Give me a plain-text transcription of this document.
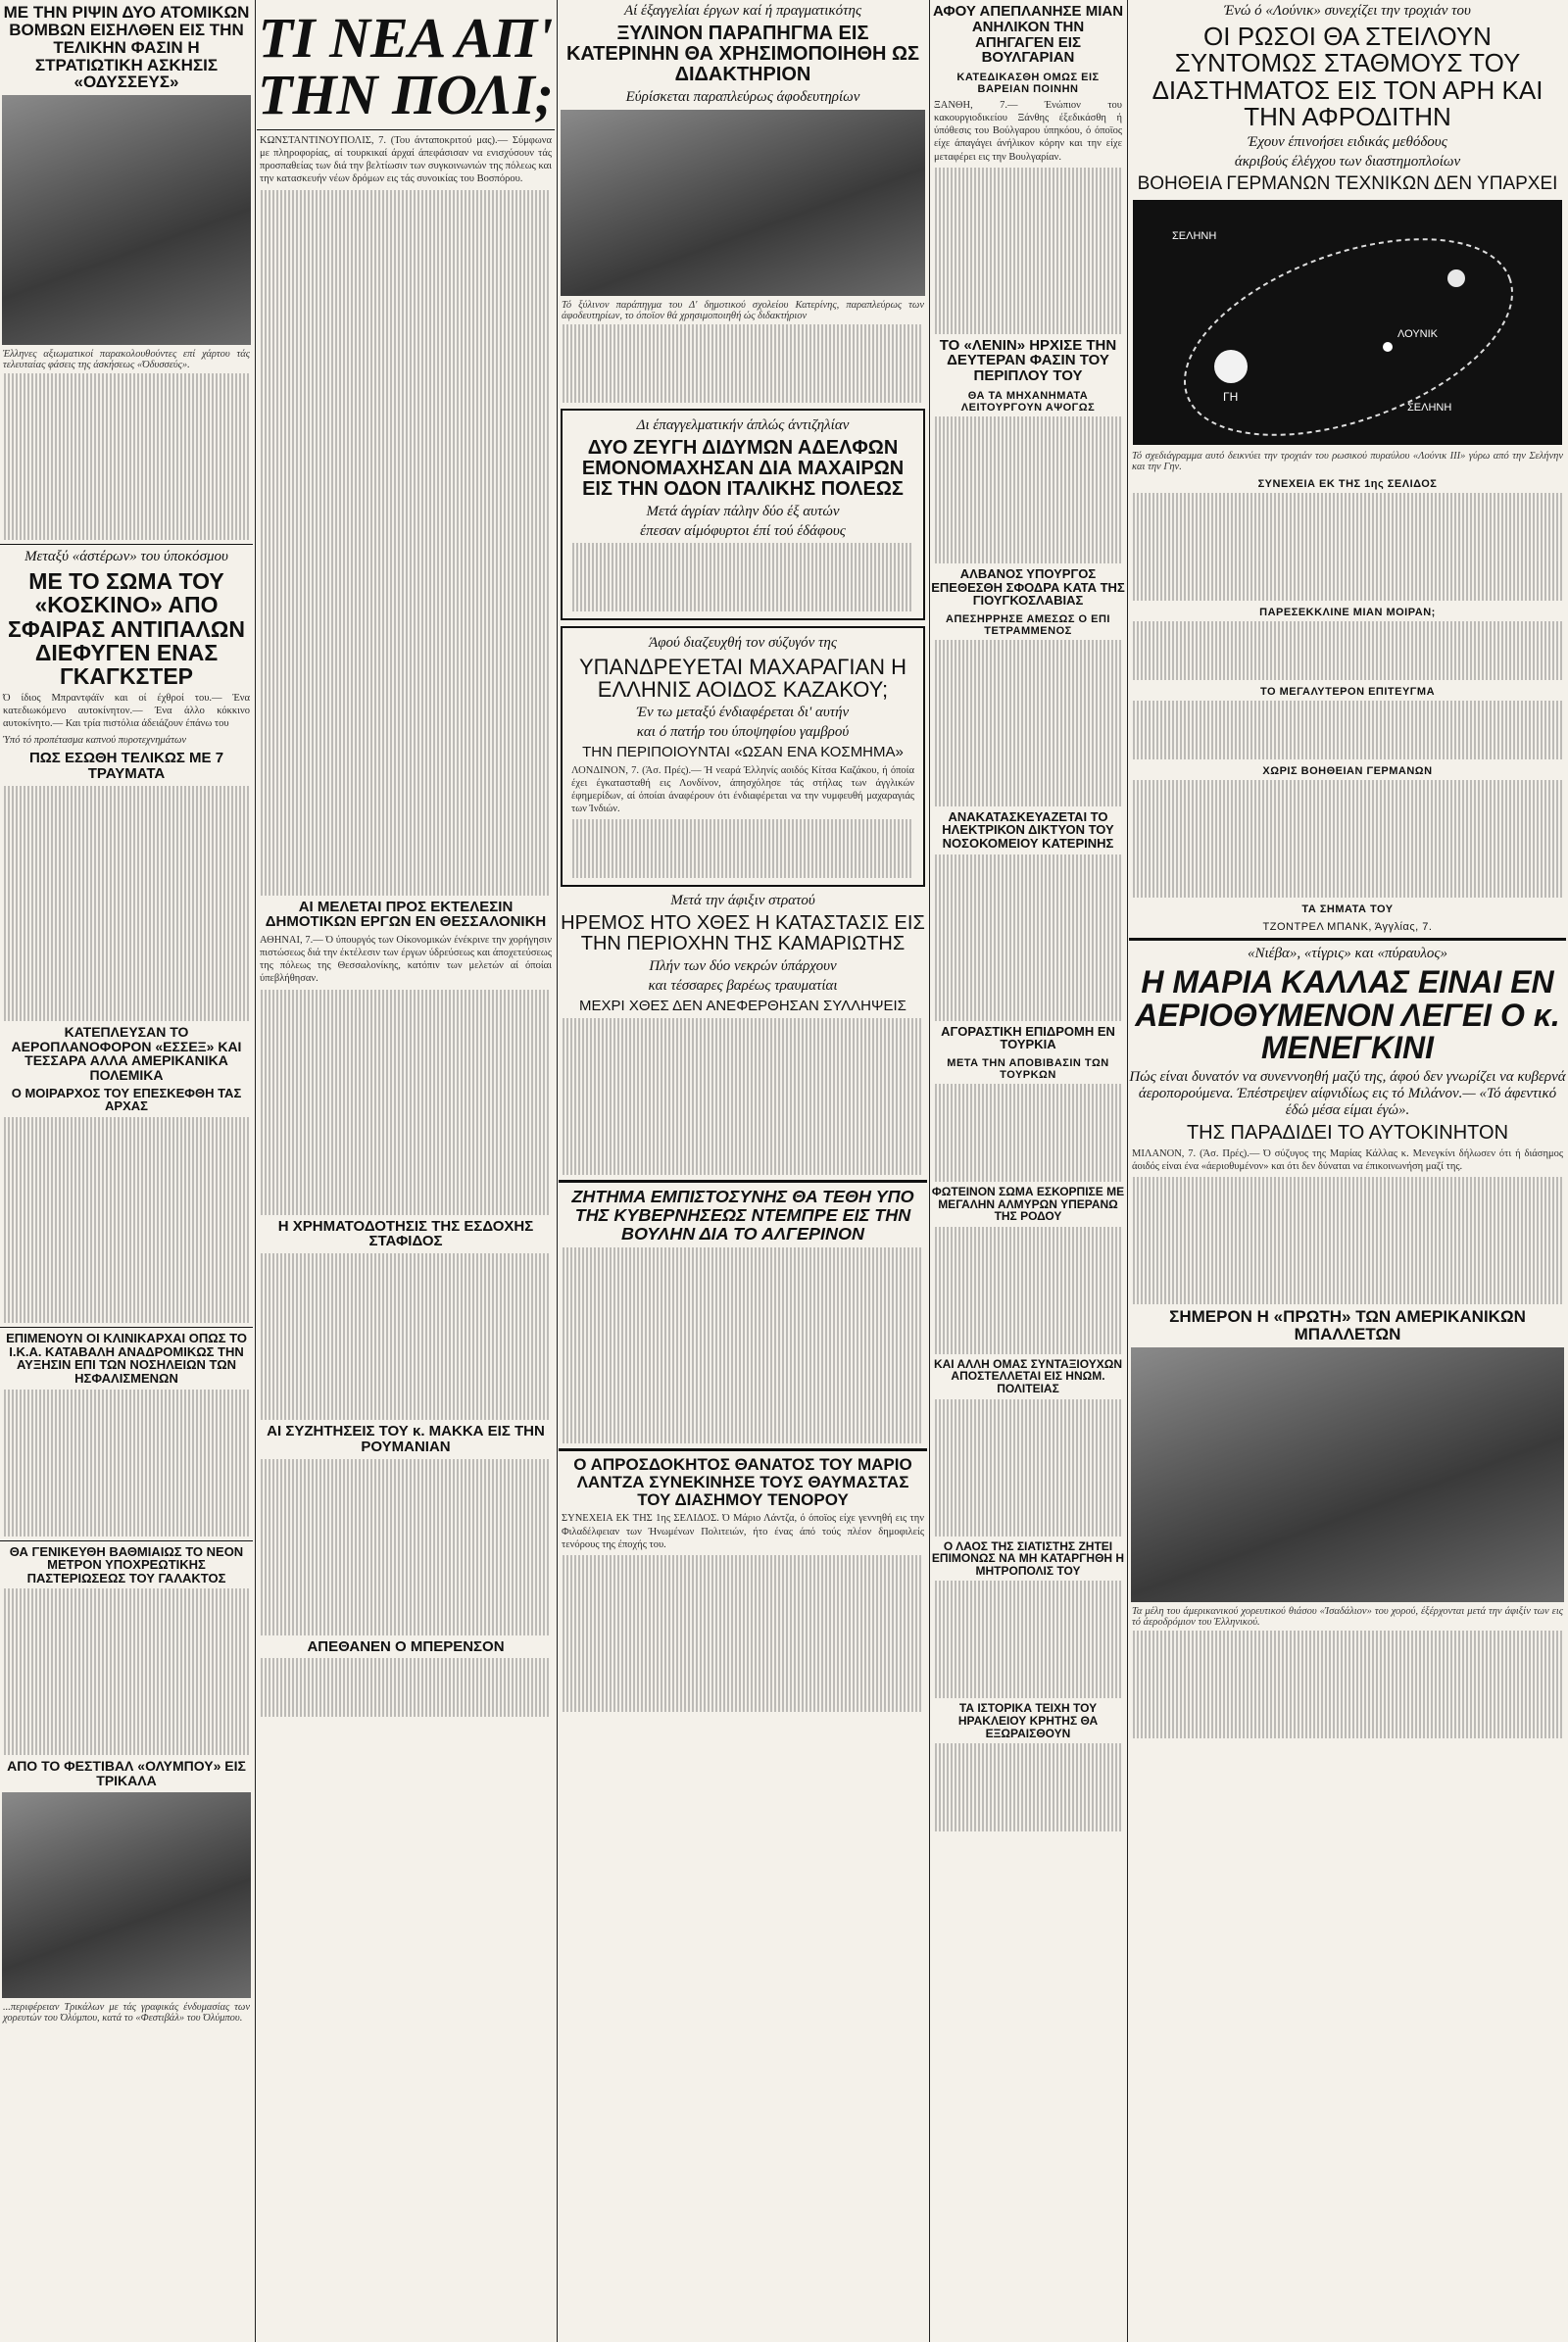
ΜΕ ΤΗΝ ΡΙΨΙΝ ΔΥΟ ΑΤΟΜΙΚΩΝ ΒΟΜΒΩΝ ΕΙΣΗΛΘΕΝ ΕΙΣ ΤΗΝ ΤΕΛΙΚΗΝ ΦΑΣΙΝ Η ΣΤΡΑΤΙΩΤΙΚΗ ΑΣΚΗΣΙΣ «ΟΔΥΣΣΕΥΣ»
Έλληνες αξιωματικοί παρακολουθούντες επί χάρτου τάς τελευταίας φάσεις της άσκήσεως «Όδυσσεύς».
Μεταξύ «άστέρων» του ύποκόσμου
ΜΕ ΤΟ ΣΩΜΑ ΤΟΥ «ΚΟΣΚΙΝΟ» ΑΠΟ ΣΦΑΙΡΑΣ ΑΝΤΙΠΑΛΩΝ ΔΙΕΦΥΓΕΝ ΕΝΑΣ ΓΚΑΓΚΣΤΕΡ
Ό ίδιος Μπραντφάϊν και οί έχθροί του.— Ένα κατεδιωκόμενο αυτοκίνητον.— Ένα άλλο κόκκινο αυτοκίνητο.— Και τρία πιστόλια άδειάζουν έπάνω του
Ύπό τό προπέτασμα καπνού πυροτεχνημάτων
ΠΩΣ ΕΣΩΘΗ ΤΕΛΙΚΩΣ ΜΕ 7 ΤΡΑΥΜΑΤΑ
ΚΑΤΕΠΛΕΥΣΑΝ ΤΟ ΑΕΡΟΠΛΑΝΟΦΟΡΟΝ «ΕΣΣΕΞ» ΚΑΙ ΤΕΣΣΑΡΑ ΑΛΛΑ ΑΜΕΡΙΚΑΝΙΚΑ ΠΟΛΕΜΙΚΑ
Ο ΜΟΙΡΑΡΧΟΣ ΤΟΥ ΕΠΕΣΚΕΦΘΗ ΤΑΣ ΑΡΧΑΣ
ΕΠΙΜΕΝΟΥΝ ΟΙ ΚΛΙΝΙΚΑΡΧΑΙ ΟΠΩΣ ΤΟ Ι.Κ.Α. ΚΑΤΑΒΑΛΗ ΑΝΑΔΡΟΜΙΚΩΣ ΤΗΝ ΑΥΞΗΣΙΝ ΕΠΙ ΤΩΝ ΝΟΣΗΛΕΙΩΝ ΤΩΝ ΗΣΦΑΛΙΣΜΕΝΩΝ
ΘΑ ΓΕΝΙΚΕΥΘΗ ΒΑΘΜΙΑΙΩΣ ΤΟ ΝΕΟΝ ΜΕΤΡΟΝ ΥΠΟΧΡΕΩΤΙΚΗΣ ΠΑΣΤΕΡΙΩΣΕΩΣ ΤΟΥ ΓΑΛΑΚΤΟΣ
ΑΠΟ ΤΟ ΦΕΣΤΙΒΑΛ «ΟΛΥΜΠΟΥ» ΕΙΣ ΤΡΙΚΑΛΑ
...περιφέρειαν Τρικάλων με τάς γραφικάς ένδυμασίας των χορευτών του Όλύμπου, κατά το «Φεστιβάλ» του Όλύμπου.
ΤΙ ΝΕΑ ΑΠ' ΤΗΝ ΠΟΛΙ;
ΚΩΝΣΤΑΝΤΙΝΟΥΠΟΛΙΣ, 7. (Του άνταποκριτού μας).— Σύμφωνα με πληροφορίας, αί τουρκικαί άρχαί άπεφάσισαν να ενισχύσουν τάς προσπαθείας των διά την βελτίωσιν των συγκοινωνιών της πόλεως και την κατασκευήν νέων δρόμων εις τάς συνοικίας του Βοσπόρου.
ΑΙ ΜΕΛΕΤΑΙ ΠΡΟΣ ΕΚΤΕΛΕΣΙΝ ΔΗΜΟΤΙΚΩΝ ΕΡΓΩΝ ΕΝ ΘΕΣΣΑΛΟΝΙΚΗ
ΑΘΗΝΑΙ, 7.— Ό ύπουργός των Οίκονομικών ένέκρινε την χορήγησιν πιστώσεως διά την έκτέλεσιν των έργων ύδρεύσεως και άποχετεύσεως της πόλεως της Θεσσαλονίκης, κατόπιν των μελετών αί όποίαι ύπεβλήθησαν.
Η ΧΡΗΜΑΤΟΔΟΤΗΣΙΣ ΤΗΣ ΕΣΔΟΧΗΣ ΣΤΑΦΙΔΟΣ
ΑΙ ΣΥΖΗΤΗΣΕΙΣ ΤΟΥ κ. ΜΑΚΚΑ ΕΙΣ ΤΗΝ ΡΟΥΜΑΝΙΑΝ
ΑΠΕΘΑΝΕΝ Ο ΜΠΕΡΕΝΣΟΝ
Αί έξαγγελίαι έργων καί ή πραγματικότης
ΞΥΛΙΝΟΝ ΠΑΡΑΠΗΓΜΑ ΕΙΣ ΚΑΤΕΡΙΝΗΝ ΘΑ ΧΡΗΣΙΜΟΠΟΙΗΘΗ ΩΣ ΔΙΔΑΚΤΗΡΙΟΝ
Εύρίσκεται παραπλεύρως άφοδευτηρίων
Τό ξύλινον παράπηγμα του Δ' δημοτικού σχολείου Κατερίνης, παραπλεύρως των άφοδευτηρίων, το όποϊον θά χρησιμοποιηθή ώς διδακτήριον
Δι έπαγγελματικήν άπλώς άντιζηλίαν
ΔΥΟ ΖΕΥΓΗ ΔΙΔΥΜΩΝ ΑΔΕΛΦΩΝ ΕΜΟΝΟΜΑΧΗΣΑΝ ΔΙΑ ΜΑΧΑΙΡΩΝ ΕΙΣ ΤΗΝ ΟΔΟΝ ΙΤΑΛΙΚΗΣ ΠΟΛΕΩΣ
Μετά άγρίαν πάλην δύο έξ αυτών
έπεσαν αίμόφυρτοι έπί τού έδάφους
Άφού διαζευχθή τον σύζυγόν της
ΥΠΑΝΔΡΕΥΕΤΑΙ ΜΑΧΑΡΑΓΙΑΝ Η ΕΛΛΗΝΙΣ ΑΟΙΔΟΣ ΚΑΖΑΚΟΥ;
Έν τω μεταξύ ένδιαφέρεται δι' αυτήν
και ό πατήρ του ύποψηφίου γαμβρού
ΤΗΝ ΠΕΡΙΠΟΙΟΥΝΤΑΙ «ΩΣΑΝ ΕΝΑ ΚΟΣΜΗΜΑ»
ΛΟΝΔΙΝΟΝ, 7. (Άσ. Πρές).— Ή νεαρά Έλληνίς αοιδός Κίτσα Καζάκου, ή όποία έχει έγκατασταθή εις Λονδίνον, άπησχόλησε τάς στήλας των άγγλικών έφημερίδων, αί όποίαι άναφέρουν ότι ένδιαφέρεται να την νυμφευθή μαχαραγιάς των Ίνδιών.
Μετά την άφιξιν στρατού
ΗΡΕΜΟΣ ΗΤΟ ΧΘΕΣ Η ΚΑΤΑΣΤΑΣΙΣ ΕΙΣ ΤΗΝ ΠΕΡΙΟΧΗΝ ΤΗΣ ΚΑΜΑΡΙΩΤΗΣ
Πλήν των δύο νεκρών ύπάρχουν
και τέσσαρες βαρέως τραυματίαι
ΜΕΧΡΙ ΧΘΕΣ ΔΕΝ ΑΝΕΦΕΡΘΗΣΑΝ ΣΥΛΛΗΨΕΙΣ
ΖΗΤΗΜΑ ΕΜΠΙΣΤΟΣΥΝΗΣ ΘΑ ΤΕΘΗ ΥΠΟ ΤΗΣ ΚΥΒΕΡΝΗΣΕΩΣ ΝΤΕΜΠΡΕ ΕΙΣ ΤΗΝ ΒΟΥΛΗΝ ΔΙΑ ΤΟ ΑΛΓΕΡΙΝΟΝ
Ο ΑΠΡΟΣΔΟΚΗΤΟΣ ΘΑΝΑΤΟΣ ΤΟΥ ΜΑΡΙΟ ΛΑΝΤΖΑ ΣΥΝΕΚΙΝΗΣΕ ΤΟΥΣ ΘΑΥΜΑΣΤΑΣ ΤΟΥ ΔΙΑΣΗΜΟΥ ΤΕΝΟΡΟΥ
ΣΥΝΕΧΕΙΑ ΕΚ ΤΗΣ 1ης ΣΕΛΙΔΟΣ. Ό Μάριο Λάντζα, ό όποϊος είχε γεννηθή εις την Φιλαδέλφειαν των Ήνωμένων Πολιτειών, ήτο ένας άπό τούς πλέον δημοφιλείς τενόρους της έποχής του.
ΑΦΟΥ ΑΠΕΠΛΑΝΗΣΕ ΜΙΑΝ ΑΝΗΛΙΚΟΝ ΤΗΝ ΑΠΗΓΑΓΕΝ ΕΙΣ ΒΟΥΛΓΑΡΙΑΝ
ΚΑΤΕΔΙΚΑΣΘΗ ΟΜΩΣ ΕΙΣ ΒΑΡΕΙΑΝ ΠΟΙΝΗΝ
ΞΑΝΘΗ, 7.— Ένώπιον του κακουργιοδικείου Ξάνθης έξεδικάσθη ή ύπόθεσις του Βούλγαρου ύπηκόου, ό όποϊος είχε άπαγάγει άνήλικον κόρην και την είχε μεταφέρει εις την Βουλγαρίαν.
ΤΟ «ΛΕΝΙΝ» ΗΡΧΙΣΕ ΤΗΝ ΔΕΥΤΕΡΑΝ ΦΑΣΙΝ ΤΟΥ ΠΕΡΙΠΛΟΥ ΤΟΥ
ΘΑ ΤΑ ΜΗΧΑΝΗΜΑΤΑ ΛΕΙΤΟΥΡΓΟΥΝ ΑΨΟΓΩΣ
ΑΛΒΑΝΟΣ ΥΠΟΥΡΓΟΣ ΕΠΕΘΕΣΘΗ ΣΦΟΔΡΑ ΚΑΤΑ ΤΗΣ ΓΙΟΥΓΚΟΣΛΑΒΙΑΣ
ΑΠΕΣΗΡΡΗΣΕ ΑΜΕΣΩΣ Ο ΕΠΙ ΤΕΤΡΑΜΜΕΝΟΣ
ΑΝΑΚΑΤΑΣΚΕΥΑΖΕΤΑΙ ΤΟ ΗΛΕΚΤΡΙΚΟΝ ΔΙΚΤΥΟΝ ΤΟΥ ΝΟΣΟΚΟΜΕΙΟΥ ΚΑΤΕΡΙΝΗΣ
ΑΓΟΡΑΣΤΙΚΗ ΕΠΙΔΡΟΜΗ ΕΝ ΤΟΥΡΚΙΑ
ΜΕΤΑ ΤΗΝ ΑΠΟΒΙΒΑΣΙΝ ΤΩΝ ΤΟΥΡΚΩΝ
ΦΩΤΕΙΝΟΝ ΣΩΜΑ ΕΣΚΟΡΠΙΣΕ ΜΕ ΜΕΓΑΛΗΝ ΑΛΜΥΡΩΝ ΥΠΕΡΑΝΩ ΤΗΣ ΡΟΔΟΥ
ΚΑΙ ΑΛΛΗ ΟΜΑΣ ΣΥΝΤΑΞΙΟΥΧΩΝ ΑΠΟΣΤΕΛΛΕΤΑΙ ΕΙΣ ΗΝΩΜ. ΠΟΛΙΤΕΙΑΣ
Ο ΛΑΟΣ ΤΗΣ ΣΙΑΤΙΣΤΗΣ ΖΗΤΕΙ ΕΠΙΜΟΝΩΣ ΝΑ ΜΗ ΚΑΤΑΡΓΗΘΗ Η ΜΗΤΡΟΠΟΛΙΣ ΤΟΥ
ΤΑ ΙΣΤΟΡΙΚΑ ΤΕΙΧΗ ΤΟΥ ΗΡΑΚΛΕΙΟΥ ΚΡΗΤΗΣ ΘΑ ΕΞΩΡΑΙΣΘΟΥΝ
Ένώ ό «Λούνικ» συνεχίζει την τροχιάν του
ΟΙ ΡΩΣΟΙ ΘΑ ΣΤΕΙΛΟΥΝ ΣΥΝΤΟΜΩΣ ΣΤΑΘΜΟΥΣ ΤΟΥ ΔΙΑΣΤΗΜΑΤΟΣ ΕΙΣ ΤΟΝ ΑΡΗ ΚΑΙ ΤΗΝ ΑΦΡΟΔΙΤΗΝ
Έχουν έπινοήσει ειδικάς μεθόδους
άκριβούς έλέγχου των διαστημοπλοίων
ΒΟΗΘΕΙΑ ΓΕΡΜΑΝΩΝ ΤΕΧΝΙΚΩΝ ΔΕΝ ΥΠΑΡΧΕΙ
ΣΕΛΗΝΗ
ΛΟΥΝΙΚ
ΓΗ
ΣΕΛΗΝΗ
Τό σχεδιάγραμμα αυτό δεικνύει την τροχιάν του ρωσικού πυραύλου «Λούνικ ΙΙΙ» γύρω από την Σελήνην και την Γην.
ΣΥΝΕΧΕΙΑ ΕΚ ΤΗΣ 1ης ΣΕΛΙΔΟΣ
ΠΑΡΕΣΕΚΚΛΙΝΕ ΜΙΑΝ ΜΟΙΡΑΝ;
ΤΟ ΜΕΓΑΛΥΤΕΡΟΝ ΕΠΙΤΕΥΓΜΑ
ΧΩΡΙΣ ΒΟΗΘΕΙΑΝ ΓΕΡΜΑΝΩΝ
ΤΑ ΣΗΜΑΤΑ ΤΟΥ
ΤΖΟΝΤΡΕΛ ΜΠΑΝΚ, Άγγλίας, 7.
«Νιέβα», «τίγρις» και «πύραυλος»
Η ΜΑΡΙΑ ΚΑΛΛΑΣ ΕΙΝΑΙ ΕΝ ΑΕΡΙΟΘΥΜΕΝΟΝ ΛΕΓΕΙ Ο κ. ΜΕΝΕΓΚΙΝΙ
Πώς είναι δυνατόν να συνεννοηθή μαζύ της, άφού δεν γνωρίζει να κυβερνά άεροπορούμενα. Έπέστρεψεν αίφνιδίως εις τό Μιλάνον.— «Τό άφεντικό έδώ μέσα είμαι έγώ».
ΤΗΣ ΠΑΡΑΔΙΔΕΙ ΤΟ ΑΥΤΟΚΙΝΗΤΟΝ
ΜΙΛΑΝΟΝ, 7. (Άσ. Πρές).— Ό σύζυγος της Μαρίας Κάλλας κ. Μενεγκίνι δήλωσεν ότι ή διάσημος άοιδός είναι ένα «άεριοθυμένον» και ότι δεν δύναται να έπικοινωνήση μαζί της.
ΣΗΜΕΡΟΝ Η «ΠΡΩΤΗ» ΤΩΝ ΑΜΕΡΙΚΑΝΙΚΩΝ ΜΠΑΛΛΕΤΩΝ
Τα μέλη του άμερικανικού χορευτικού θιάσου «Ίσαδάλιον» του χορού, έξέρχονται μετά την άφιξίν των εις τό άεροδρόμιον του Έλληνικού.
